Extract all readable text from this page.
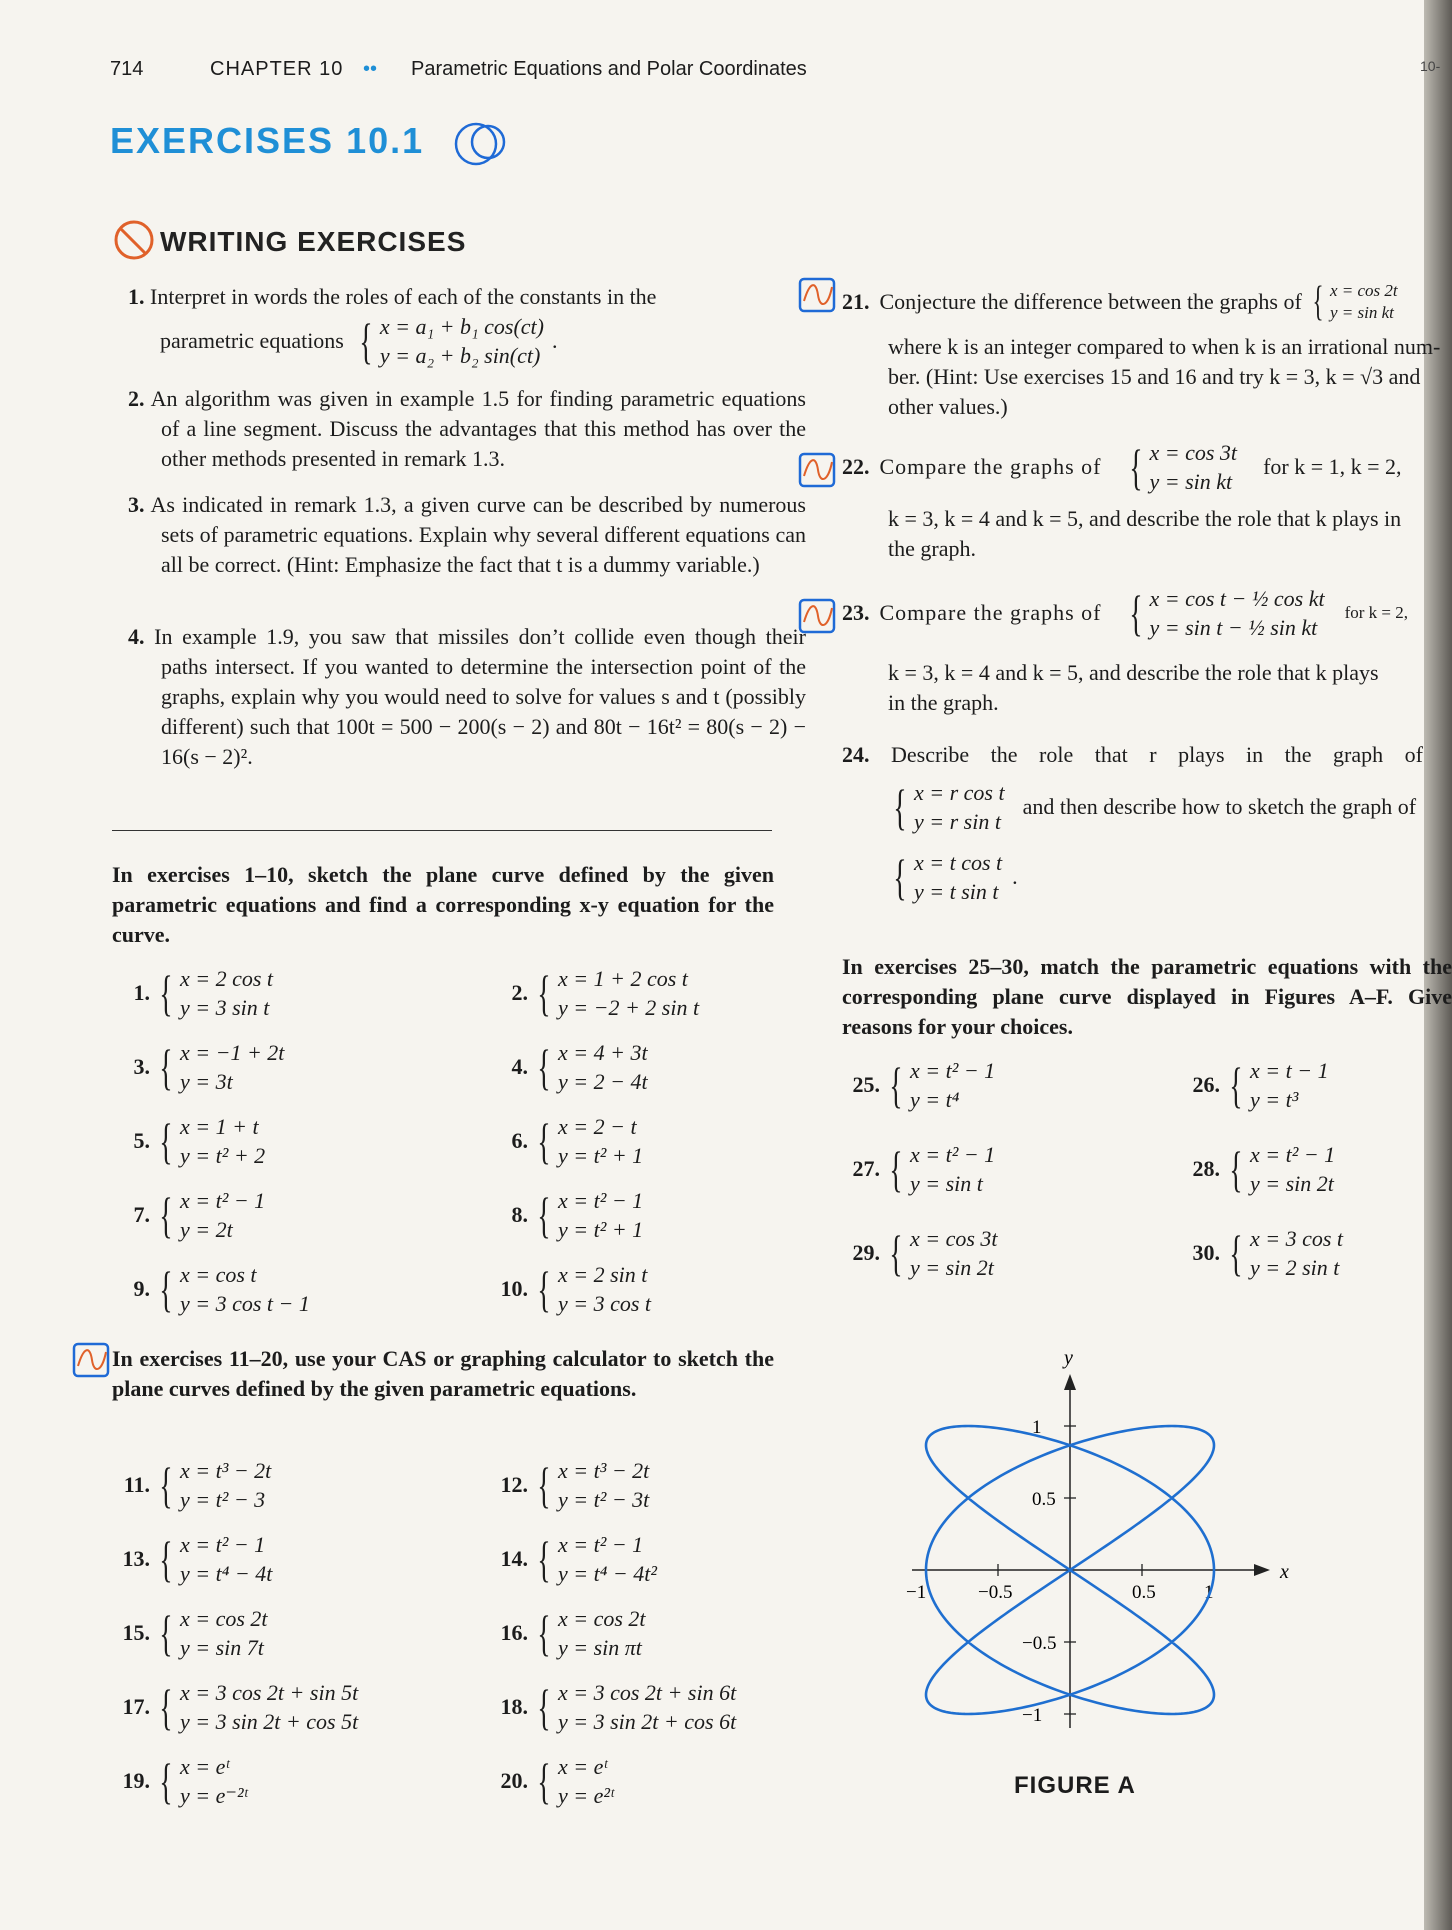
714	CHAPTER 10 •• Parametric Equations and Polar Coordinates	10-
EXERCISES 10.1
WRITING EXERCISES
1. Interpret in words the roles of each of the constants in the
parametric equations { x = a₁ + b₁ cos(ct)
y = a₂ + b₂ sin(ct)
.
2. An algorithm was given in example 1.5 for finding parametric equations of a line segment. Discuss the advantages that this method has over the other methods presented in remark 1.3.
3. As indicated in remark 1.3, a given curve can be described by numerous sets of parametric equations. Explain why several different equations can all be correct. (Hint: Emphasize the fact that t is a dummy variable.)
4. In example 1.9, you saw that missiles don’t collide even though their paths intersect. If you wanted to determine the intersection point of the graphs, explain why you would need to solve for values s and t (possibly different) such that 100t = 500 − 200(s − 2) and 80t − 16t² = 80(s − 2) − 16(s − 2)².
In exercises 1–10, sketch the plane curve defined by the given parametric equations and find a corresponding x-y equation for the curve.
1. { x = 2 cos t
y = 3 sin t
2. { x = 1 + 2 cos t
y = −2 + 2 sin t
3. { x = −1 + 2t
y = 3t
4. { x = 4 + 3t
y = 2 − 4t
5. { x = 1 + t
y = t² + 2
6. { x = 2 − t
y = t² + 1
7. { x = t² − 1
y = 2t
8. { x = t² − 1
y = t² + 1
9. { x = cos t
y = 3 cos t − 1
10. { x = 2 sin t
y = 3 cos t
In exercises 11–20, use your CAS or graphing calculator to sketch the plane curves defined by the given parametric equations.
11. { x = t³ − 2t
y = t² − 3
12. { x = t³ − 2t
y = t² − 3t
13. { x = t² − 1
y = t⁴ − 4t
14. { x = t² − 1
y = t⁴ − 4t²
15. { x = cos 2t
y = sin 7t
16. { x = cos 2t
y = sin πt
17. { x = 3 cos 2t + sin 5t
y = 3 sin 2t + cos 5t
18. { x = 3 cos 2t + sin 6t
y = 3 sin 2t + cos 6t
19. { x = eᵗ
y = e⁻²ᵗ
20. { x = eᵗ
y = e²ᵗ
21. Conjecture the difference between the graphs of { x = cos 2t
y = sin kt

where k is an integer compared to when k is an irrational num-

ber. (Hint: Use exercises 15 and 16 and try k = 3, k = √3 and

other values.)

22. Compare the graphs of { x = cos 3t
y = sin kt
for k = 1, k = 2,

k = 3, k = 4 and k = 5, and describe the role that k plays in

the graph.

23. Compare the graphs of { x = cos t − ½ cos kt
y = sin t − ½ sin kt
for k = 2,

k = 3, k = 4 and k = 5, and describe the role that k plays

in the graph.

24. Describe the role that r plays in the graph of
{ x = r cos t
y = r sin t
and then describe how to sketch the graph of
{ x = t cos t
y = t sin t
.
In exercises 25–30, match the parametric equations with the corresponding plane curve displayed in Figures A–F. Give reasons for your choices.
25. { x = t² − 1
y = t⁴
26. { x = t − 1
y = t³
27. { x = t² − 1
y = sin t
28. { x = t² − 1
y = sin 2t
29. { x = cos 3t
y = sin 2t
30. { x = 3 cos t
y = 2 sin t
x
y
−1	−0.5	0.5	1
1
0.5
−0.5
−1
FIGURE A
